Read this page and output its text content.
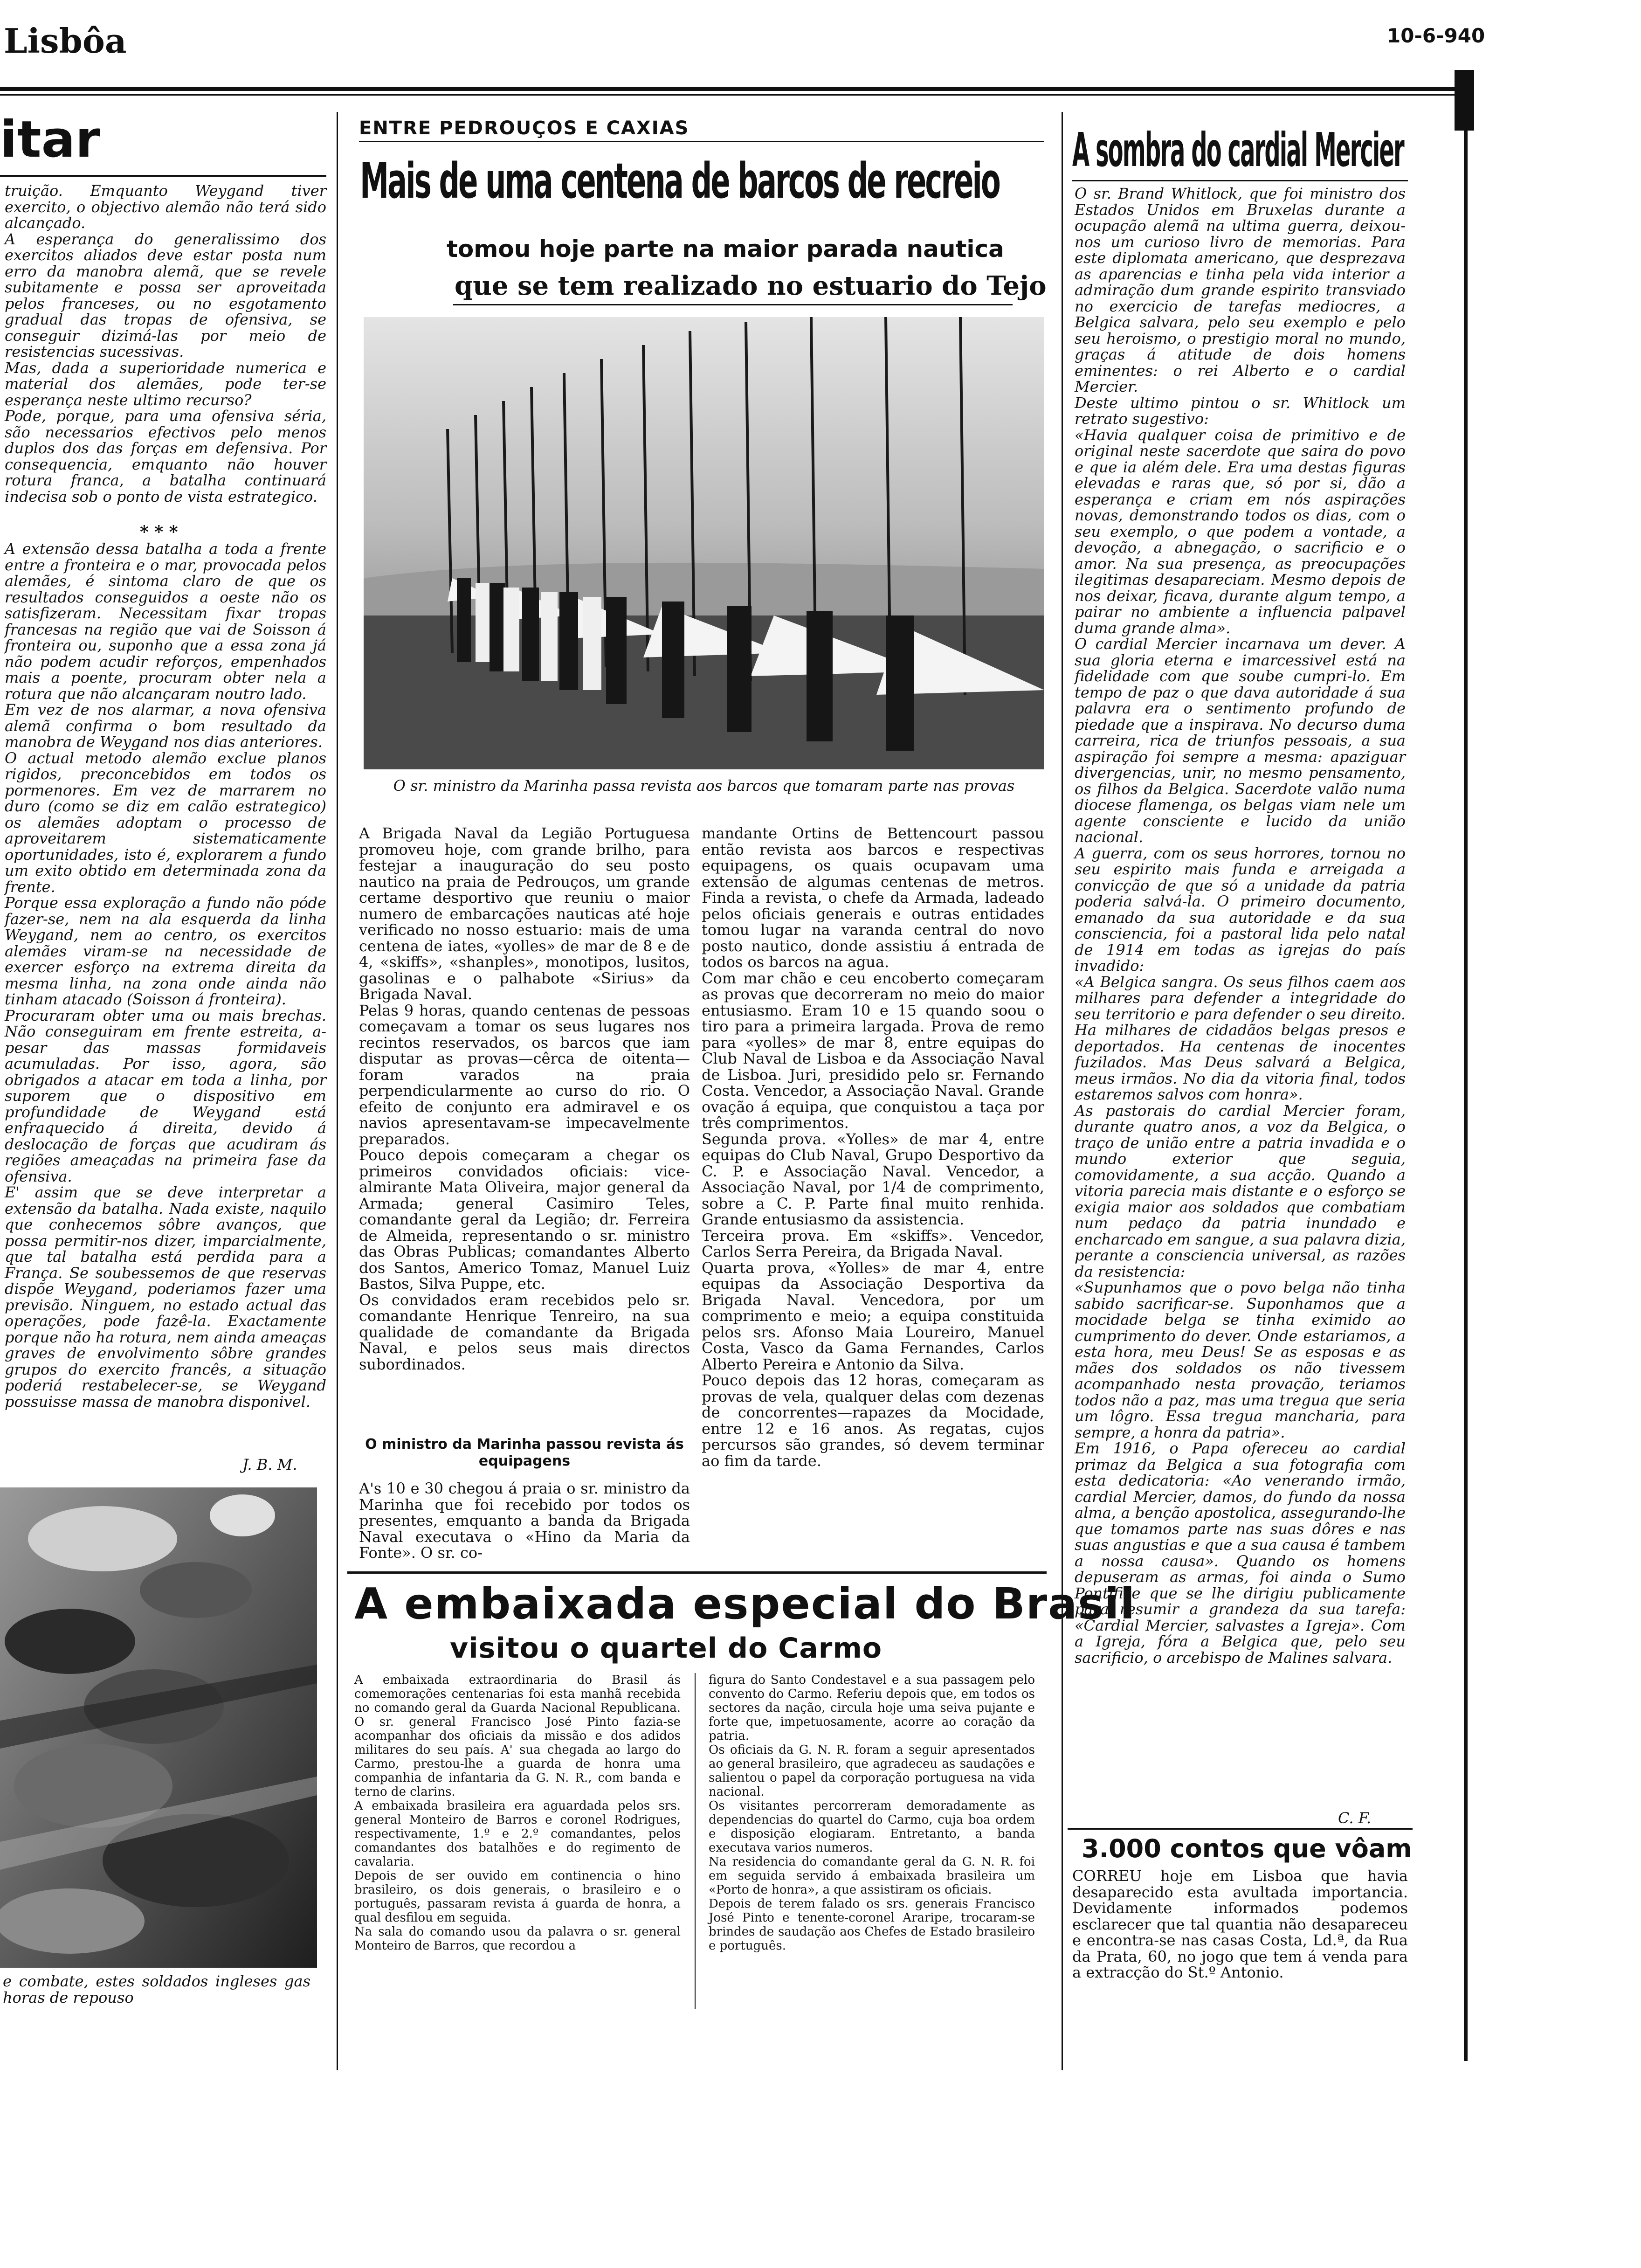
Lisbôa	10-6-940
itar
truição. Emquanto Weygand tiver exercito, o objectivo alemão não terá sido alcançado.
A esperança do generalissimo dos exercitos aliados deve estar posta num erro da manobra alemã, que se revele subitamente e possa ser aproveitada pelos franceses, ou no esgotamento gradual das tropas de ofensiva, se conseguir dizimá-las por meio de resistencias sucessivas.
Mas, dada a superioridade numerica e material dos alemães, pode ter-se esperança neste ultimo recurso?
Pode, porque, para uma ofensiva séria, são necessarios efectivos pelo menos duplos dos das forças em defensiva. Por consequencia, emquanto não houver rotura franca, a batalha continuará indecisa sob o ponto de vista estrategico.
* * *
A extensão dessa batalha a toda a frente entre a fronteira e o mar, provocada pelos alemães, é sintoma claro de que os resultados conseguidos a oeste não os satisfizeram. Necessitam fixar tropas francesas na região que vai de Soisson á fronteira ou, suponho que a essa zona já não podem acudir reforços, empenhados mais a poente, procuram obter nela a rotura que não alcançaram noutro lado.
Em vez de nos alarmar, a nova ofensiva alemã confirma o bom resultado da manobra de Weygand nos dias anteriores.
O actual metodo alemão exclue planos rigidos, preconcebidos em todos os pormenores. Em vez de marrarem no duro (como se diz em calão estrategico) os alemães adoptam o processo de aproveitarem sistematicamente oportunidades, isto é, explorarem a fundo um exito obtido em determinada zona da frente.
Porque essa exploração a fundo não póde fazer-se, nem na ala esquerda da linha Weygand, nem ao centro, os exercitos alemães viram-se na necessidade de exercer esforço na extrema direita da mesma linha, na zona onde ainda não tinham atacado (Soisson á fronteira).
Procuraram obter uma ou mais brechas. Não conseguiram em frente estreita, a-pesar das massas formidaveis acumuladas. Por isso, agora, são obrigados a atacar em toda a linha, por suporem que o dispositivo em profundidade de Weygand está enfraquecido á direita, devido á deslocação de forças que acudiram ás regiões ameaçadas na primeira fase da ofensiva.
E' assim que se deve interpretar a extensão da batalha. Nada existe, naquilo que conhecemos sôbre avanços, que possa permitir-nos dizer, imparcialmente, que tal batalha está perdida para a França. Se soubessemos de que reservas dispõe Weygand, poderiamos fazer uma previsão. Ninguem, no estado actual das operações, pode fazê-la. Exactamente porque não ha rotura, nem ainda ameaças graves de envolvimento sôbre grandes grupos do exercito francês, a situação poderiá restabelecer-se, se Weygand possuisse massa de manobra disponivel.
J. B. M.
e combate, estes soldados ingleses gas horas de repouso
ENTRE PEDROUÇOS E CAXIAS
Mais de uma centena de barcos de recreio
tomou hoje parte na maior parada nautica
que se tem realizado no estuario do Tejo
O sr. ministro da Marinha passa revista aos barcos que tomaram parte nas provas
A Brigada Naval da Legião Portuguesa promoveu hoje, com grande brilho, para festejar a inauguração do seu posto nautico na praia de Pedrouços, um grande certame desportivo que reuniu o maior numero de embarcações nauticas até hoje verificado no nosso estuario: mais de uma centena de iates, «yolles» de mar de 8 e de 4, «skiffs», «shanples», monotipos, lusitos, gasolinas e o palhabote «Sirius» da Brigada Naval.
Pelas 9 horas, quando centenas de pessoas começavam a tomar os seus lugares nos recintos reservados, os barcos que iam disputar as provas—cêrca de oitenta—foram varados na praia perpendicularmente ao curso do rio. O efeito de conjunto era admiravel e os navios apresentavam-se impecavelmente preparados.
Pouco depois começaram a chegar os primeiros convidados oficiais: vice-almirante Mata Oliveira, major general da Armada; general Casimiro Teles, comandante geral da Legião; dr. Ferreira de Almeida, representando o sr. ministro das Obras Publicas; comandantes Alberto dos Santos, Americo Tomaz, Manuel Luiz Bastos, Silva Puppe, etc.
Os convidados eram recebidos pelo sr. comandante Henrique Tenreiro, na sua qualidade de comandante da Brigada Naval, e pelos seus mais directos subordinados.
O ministro da Marinha passou revista ás equipagens
A's 10 e 30 chegou á praia o sr. ministro da Marinha que foi recebido por todos os presentes, emquanto a banda da Brigada Naval executava o «Hino da Maria da Fonte». O sr. co-
mandante Ortins de Bettencourt passou então revista aos barcos e respectivas equipagens, os quais ocupavam uma extensão de algumas centenas de metros. Finda a revista, o chefe da Armada, ladeado pelos oficiais generais e outras entidades tomou lugar na varanda central do novo posto nautico, donde assistiu á entrada de todos os barcos na agua.
Com mar chão e ceu encoberto começaram as provas que decorreram no meio do maior entusiasmo. Eram 10 e 15 quando soou o tiro para a primeira largada. Prova de remo para «yolles» de mar 8, entre equipas do Club Naval de Lisboa e da Associação Naval de Lisboa. Juri, presidido pelo sr. Fernando Costa. Vencedor, a Associação Naval. Grande ovação á equipa, que conquistou a taça por três comprimentos.
Segunda prova. «Yolles» de mar 4, entre equipas do Club Naval, Grupo Desportivo da C. P. e Associação Naval. Vencedor, a Associação Naval, por 1/4 de comprimento, sobre a C. P. Parte final muito renhida. Grande entusiasmo da assistencia.
Terceira prova. Em «skiffs». Vencedor, Carlos Serra Pereira, da Brigada Naval.
Quarta prova, «Yolles» de mar 4, entre equipas da Associação Desportiva da Brigada Naval. Vencedora, por um comprimento e meio; a equipa constituida pelos srs. Afonso Maia Loureiro, Manuel Costa, Vasco da Gama Fernandes, Carlos Alberto Pereira e Antonio da Silva.
Pouco depois das 12 horas, começaram as provas de vela, qualquer delas com dezenas de concorrentes—rapazes da Mocidade, entre 12 e 16 anos. As regatas, cujos percursos são grandes, só devem terminar ao fim da tarde.
A embaixada especial do Brasil
visitou o quartel do Carmo
A embaixada extraordinaria do Brasil ás comemorações centenarias foi esta manhã recebida no comando geral da Guarda Nacional Republicana. O sr. general Francisco José Pinto fazia-se acompanhar dos oficiais da missão e dos adidos militares do seu país. A' sua chegada ao largo do Carmo, prestou-lhe a guarda de honra uma companhia de infantaria da G. N. R., com banda e terno de clarins.
A embaixada brasileira era aguardada pelos srs. general Monteiro de Barros e coronel Rodrigues, respectivamente, 1.º e 2.º comandantes, pelos comandantes dos batalhões e do regimento de cavalaria.
Depois de ser ouvido em continencia o hino brasileiro, os dois generais, o brasileiro e o português, passaram revista á guarda de honra, a qual desfilou em seguida.
Na sala do comando usou da palavra o sr. general Monteiro de Barros, que recordou a
figura do Santo Condestavel e a sua passagem pelo convento do Carmo. Referiu depois que, em todos os sectores da nação, circula hoje uma seiva pujante e forte que, impetuosamente, acorre ao coração da patria.
Os oficiais da G. N. R. foram a seguir apresentados ao general brasileiro, que agradeceu as saudações e salientou o papel da corporação portuguesa na vida nacional.
Os visitantes percorreram demoradamente as dependencias do quartel do Carmo, cuja boa ordem e disposição elogiaram. Entretanto, a banda executava varios numeros.
Na residencia do comandante geral da G. N. R. foi em seguida servido á embaixada brasileira um «Porto de honra», a que assistiram os oficiais.
Depois de terem falado os srs. generais Francisco José Pinto e tenente-coronel Araripe, trocaram-se brindes de saudação aos Chefes de Estado brasileiro e português.
A sombra do cardial Mercier
O sr. Brand Whitlock, que foi ministro dos Estados Unidos em Bruxelas durante a ocupação alemã na ultima guerra, deixou-nos um curioso livro de memorias. Para este diplomata americano, que desprezava as aparencias e tinha pela vida interior a admiração dum grande espirito transviado no exercicio de tarefas mediocres, a Belgica salvara, pelo seu exemplo e pelo seu heroismo, o prestigio moral no mundo, graças á atitude de dois homens eminentes: o rei Alberto e o cardial Mercier.
Deste ultimo pintou o sr. Whitlock um retrato sugestivo:
«Havia qualquer coisa de primitivo e de original neste sacerdote que saira do povo e que ia além dele. Era uma destas figuras elevadas e raras que, só por si, dão a esperança e criam em nós aspirações novas, demonstrando todos os dias, com o seu exemplo, o que podem a vontade, a devoção, a abnegação, o sacrificio e o amor. Na sua presença, as preocupações ilegitimas desapareciam. Mesmo depois de nos deixar, ficava, durante algum tempo, a pairar no ambiente a influencia palpavel duma grande alma».
O cardial Mercier incarnava um dever. A sua gloria eterna e imarcessivel está na fidelidade com que soube cumpri-lo. Em tempo de paz o que dava autoridade á sua palavra era o sentimento profundo de piedade que a inspirava. No decurso duma carreira, rica de triunfos pessoais, a sua aspiração foi sempre a mesma: apaziguar divergencias, unir, no mesmo pensamento, os filhos da Belgica. Sacerdote valão numa diocese flamenga, os belgas viam nele um agente consciente e lucido da união nacional.
A guerra, com os seus horrores, tornou no seu espirito mais funda e arreigada a convicção de que só a unidade da patria poderia salvá-la. O primeiro documento, emanado da sua autoridade e da sua consciencia, foi a pastoral lida pelo natal de 1914 em todas as igrejas do país invadido:
«A Belgica sangra. Os seus filhos caem aos milhares para defender a integridade do seu territorio e para defender o seu direito. Ha milhares de cidadãos belgas presos e deportados. Ha centenas de inocentes fuzilados. Mas Deus salvará a Belgica, meus irmãos. No dia da vitoria final, todos estaremos salvos com honra».
As pastorais do cardial Mercier foram, durante quatro anos, a voz da Belgica, o traço de união entre a patria invadida e o mundo exterior que seguia, comovidamente, a sua acção. Quando a vitoria parecia mais distante e o esforço se exigia maior aos soldados que combatiam num pedaço da patria inundado e encharcado em sangue, a sua palavra dizia, perante a consciencia universal, as razões da resistencia:
«Supunhamos que o povo belga não tinha sabido sacrificar-se. Suponhamos que a mocidade belga se tinha eximido ao cumprimento do dever. Onde estariamos, a esta hora, meu Deus! Se as esposas e as mães dos soldados os não tivessem acompanhado nesta provação, teriamos todos não a paz, mas uma tregua que seria um lôgro. Essa tregua mancharia, para sempre, a honra da patria».
Em 1916, o Papa ofereceu ao cardial primaz da Belgica a sua fotografia com esta dedicatoria: «Ao venerando irmão, cardial Mercier, damos, do fundo da nossa alma, a benção apostolica, assegurando-lhe que tomamos parte nas suas dôres e nas suas angustias e que a sua causa é tambem a nossa causa». Quando os homens depuseram as armas, foi ainda o Sumo Pontifice que se lhe dirigiu publicamente para resumir a grandeza da sua tarefa: «Cardial Mercier, salvastes a Igreja». Com a Igreja, fóra a Belgica que, pelo seu sacrificio, o arcebispo de Malines salvara.
C. F.
3.000 contos que vôam
CORREU hoje em Lisboa que havia desaparecido esta avultada importancia. Devidamente informados podemos esclarecer que tal quantia não desapareceu e encontra-se nas casas Costa, Ld.ª, da Rua da Prata, 60, no jogo que tem á venda para a extracção do St.º Antonio.
